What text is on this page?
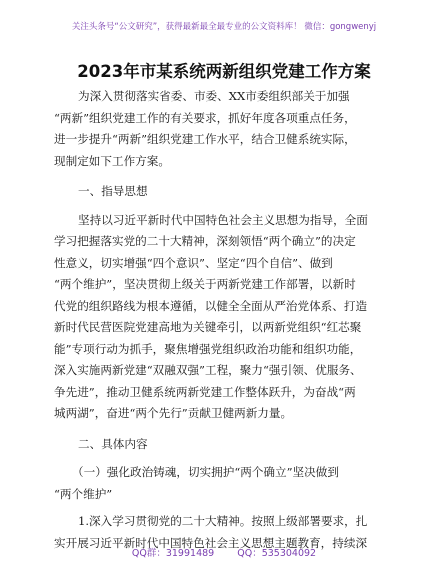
关注头条号“公文研究”，获得最新最全最专业的公文资料库！ 微信：gongwenyj
2023年市某系统两新组织党建工作方案
为深入贯彻落实省委、市委、XX市委组织部关于加强
“两新”组织党建工作的有关要求，抓好年度各项重点任务，
进一步提升“两新”组织党建工作水平，结合卫健系统实际，
现制定如下工作方案。
一、指导思想
坚持以习近平新时代中国特色社会主义思想为指导，全面
学习把握落实党的二十大精神，深刻领悟“两个确立”的决定
性意义，切实增强“四个意识”、坚定“四个自信”、做到
“两个维护”，坚决贯彻上级关于两新党建工作部署，以新时
代党的组织路线为根本遵循，以健全全面从严治党体系、打造
新时代民营医院党建高地为关键牵引，以两新党组织“红芯聚
能”专项行动为抓手，聚焦增强党组织政治功能和组织功能，
深入实施两新党建“双融双强”工程，聚力“强引领、优服务、
争先进”，推动卫健系统两新党建工作整体跃升，为奋战“两
城两湖”，奋进“两个先行”贡献卫健两新力量。
二、具体内容
（一）强化政治铸魂，切实拥护“两个确立”坚决做到
“两个维护”
1.深入学习贯彻党的二十大精神。按照上级部署要求，扎
实开展习近平新时代中国特色社会主义思想主题教育，持续深
QQ群：31991489 QQ：535304092
